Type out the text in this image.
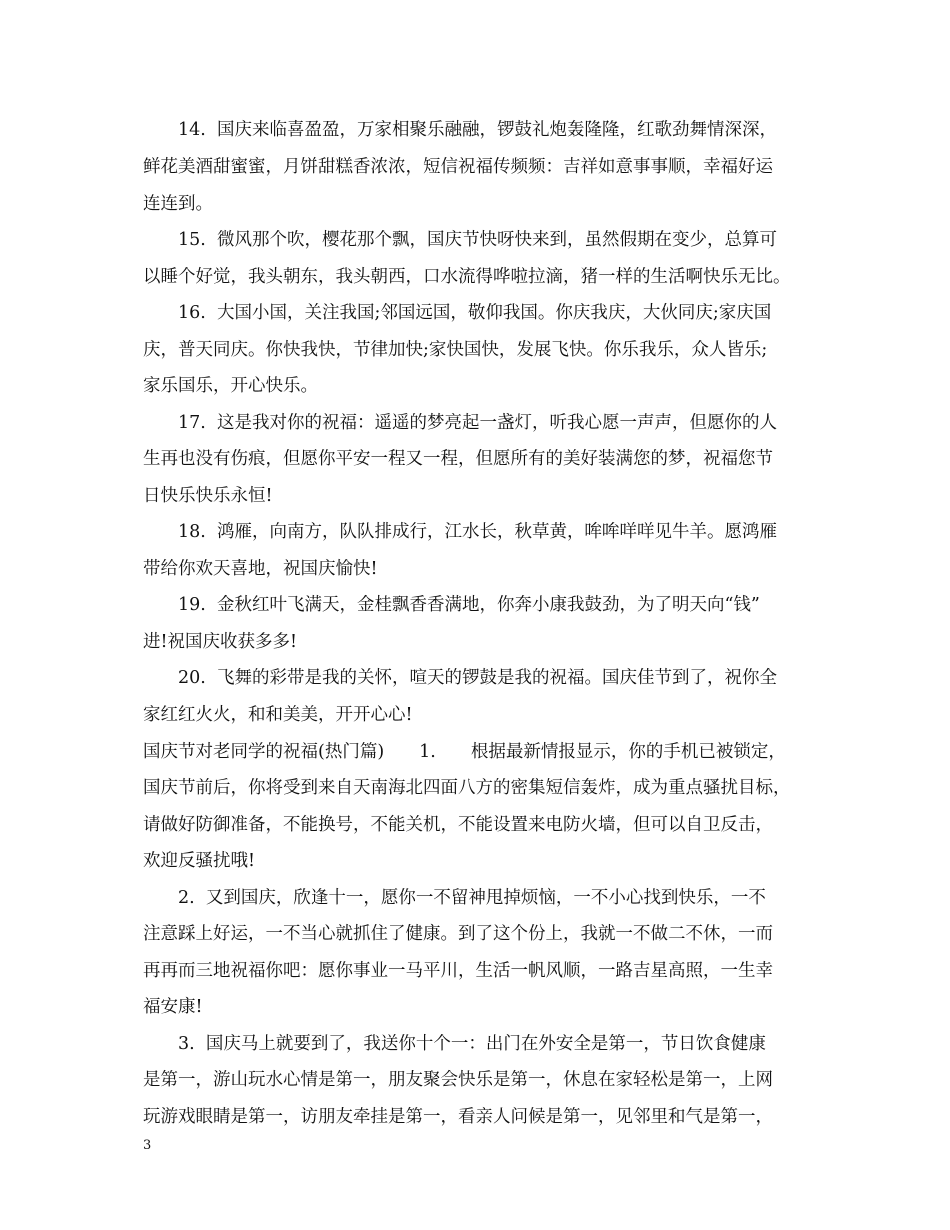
　　14.  国庆来临喜盈盈，万家相聚乐融融，锣鼓礼炮轰隆隆，红歌劲舞情深深，
鲜花美酒甜蜜蜜，月饼甜糕香浓浓，短信祝福传频频：吉祥如意事事顺，幸福好运
连连到。
　　15.  微风那个吹，樱花那个飘，国庆节快呀快来到，虽然假期在变少，总算可
以睡个好觉，我头朝东，我头朝西，口水流得哗啦拉滴，猪一样的生活啊快乐无比。
　　16.  大国小国，关注我国;邻国远国，敬仰我国。你庆我庆，大伙同庆;家庆国
庆，普天同庆。你快我快，节律加快;家快国快，发展飞快。你乐我乐，众人皆乐;
家乐国乐，开心快乐。
　　17.  这是我对你的祝福：遥遥的梦亮起一盏灯，听我心愿一声声，但愿你的人
生再也没有伤痕，但愿你平安一程又一程，但愿所有的美好装满您的梦，祝福您节
日快乐快乐永恒!
　　18.  鸿雁，向南方，队队排成行，江水长，秋草黄，哞哞咩咩见牛羊。愿鸿雁
带给你欢天喜地，祝国庆愉快!
　　19.  金秋红叶飞满天，金桂飘香香满地，你奔小康我鼓劲，为了明天向“钱”
进!祝国庆收获多多!
　　20.  飞舞的彩带是我的关怀，喧天的锣鼓是我的祝福。国庆佳节到了，祝你全
家红红火火，和和美美，开开心心!
国庆节对老同学的祝福(热门篇)　　1.　　根据最新情报显示，你的手机已被锁定，
国庆节前后，你将受到来自天南海北四面八方的密集短信轰炸，成为重点骚扰目标，
请做好防御准备，不能换号，不能关机，不能设置来电防火墙，但可以自卫反击，
欢迎反骚扰哦!
　　2.  又到国庆，欣逢十一，愿你一不留神甩掉烦恼，一不小心找到快乐，一不
注意踩上好运，一不当心就抓住了健康。到了这个份上，我就一不做二不休，一而
再再而三地祝福你吧：愿你事业一马平川，生活一帆风顺，一路吉星高照，一生幸
福安康!
　　3.  国庆马上就要到了，我送你十个一：出门在外安全是第一，节日饮食健康
是第一，游山玩水心情是第一，朋友聚会快乐是第一，休息在家轻松是第一，上网
玩游戏眼睛是第一，访朋友牵挂是第一，看亲人问候是第一，见邻里和气是第一，
3
